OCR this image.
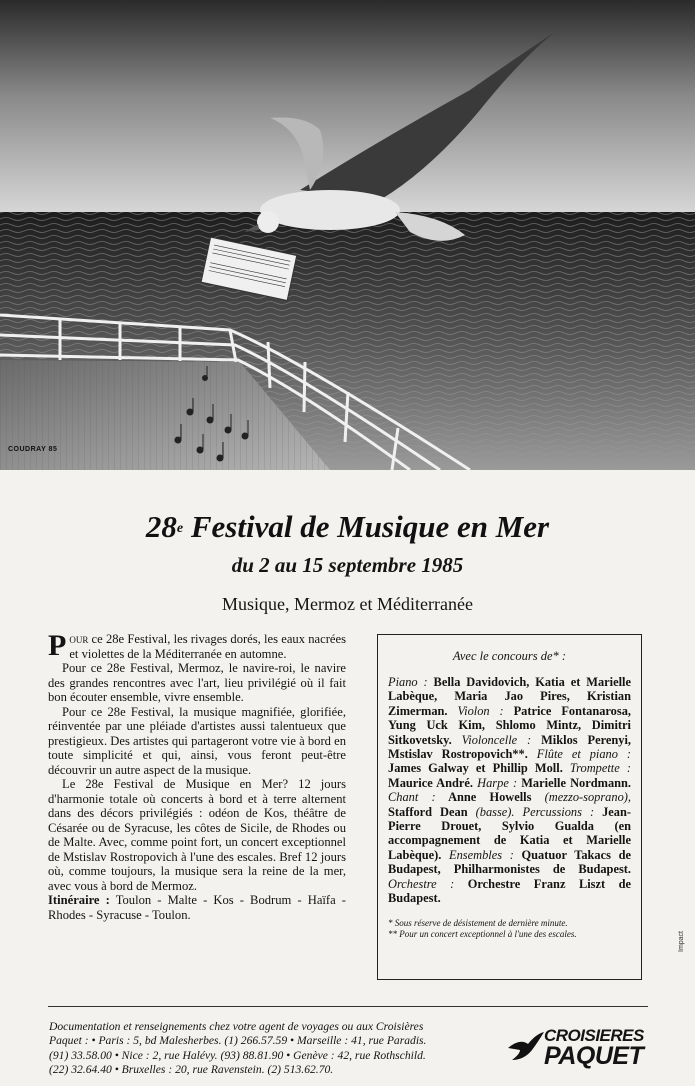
COUDRAY 85
28e Festival de Musique en Mer
du 2 au 15 septembre 1985
Musique, Mermoz et Méditerranée

Pour ce 28e Festival, les rivages dorés, les eaux nacrées et violettes de la Méditerranée en automne.

Pour ce 28e Festival, Mermoz, le navire-roi, le navire des grandes rencontres avec l'art, lieu privilégié où il fait bon écouter ensemble, vivre ensemble.

Pour ce 28e Festival, la musique magnifiée, glorifiée, réinventée par une pléiade d'artistes aussi talentueux que prestigieux. Des artistes qui partageront votre vie à bord en toute simplicité et qui, ainsi, vous feront peut-être découvrir un autre aspect de la musique.

Le 28e Festival de Musique en Mer? 12 jours d'harmonie totale où concerts à bord et à terre alternent dans des décors privilégiés : odéon de Kos, théâtre de Césarée ou de Syracuse, les côtes de Sicile, de Rhodes ou de Malte. Avec, comme point fort, un concert exceptionnel de Mstislav Rostropovich à l'une des escales. Bref 12 jours où, comme toujours, la musique sera la reine de la mer, avec vous à bord de Mermoz.

Itinéraire : Toulon - Malte - Kos - Bodrum - Haïfa - Rhodes - Syracuse - Toulon.

Avec le concours de* :
Piano : Bella Davidovich, Katia et Marielle Labèque, Maria Jao Pires, Kristian Zimerman. Violon : Patrice Fontanarosa, Yung Uck Kim, Shlomo Mintz, Dimitri Sitkovetsky. Violoncelle : Miklos Perenyi, Mstislav Rostropovich**. Flûte et piano : James Galway et Phillip Moll. Trompette : Maurice André. Harpe : Marielle Nordmann. Chant : Anne Howells (mezzo-soprano), Stafford Dean (basse). Percussions : Jean-Pierre Drouet, Sylvio Gualda (en accompagnement de Katia et Marielle Labèque). Ensembles : Quatuor Takacs de Budapest, Philharmonistes de Budapest. Orchestre : Orchestre Franz Liszt de Budapest.
* Sous réserve de désistement de dernière minute.
** Pour un concert exceptionnel à l'une des escales.	Impact
Documentation et renseignements chez votre agent de voyages ou aux Croisières
Paquet : • Paris : 5, bd Malesherbes. (1) 266.57.59 • Marseille : 41, rue Paradis.
(91) 33.58.00 • Nice : 2, rue Halévy. (93) 88.81.90 • Genève : 42, rue Rothschild.
(22) 32.64.40 • Bruxelles : 20, rue Ravenstein. (2) 513.62.70.
CROISIERES
PAQUET
